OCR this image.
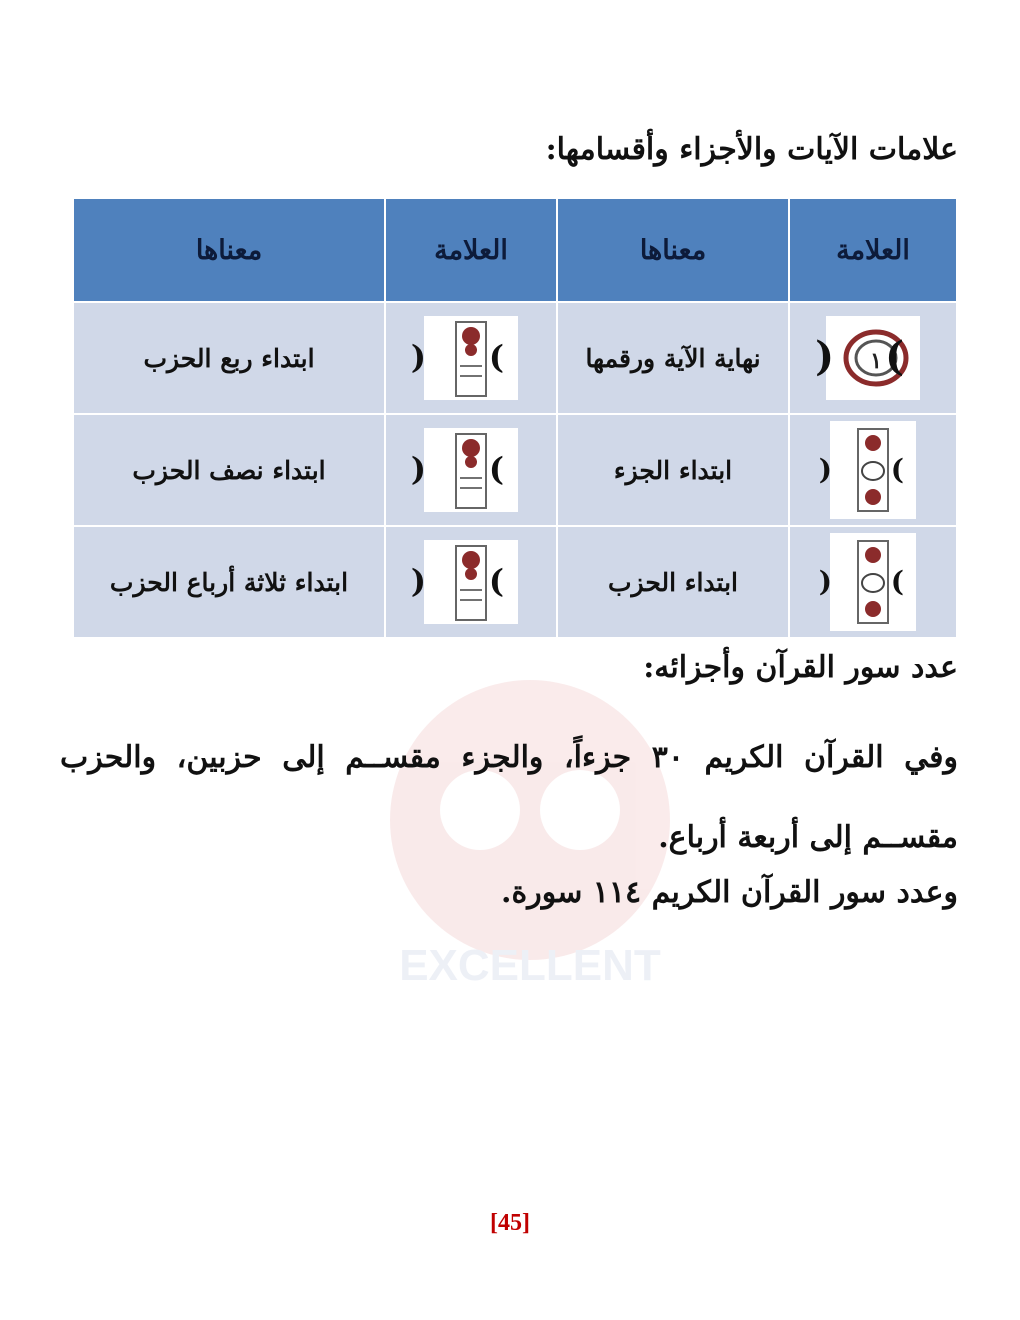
EXCELLENT
علامات الآيات والأجزاء وأقسامها:
العلامة	معناها	العلامة	معناها

( ١ )	نهاية الآية ورقمها	( )	ابتداء ربع الحزب

( )	ابتداء الجزء	( )	ابتداء نصف الحزب

( )	ابتداء الحزب	( )	ابتداء ثلاثة أرباع الحزب
عدد سور القرآن وأجزائه:
وفي القرآن الكريم ٣٠ جزءاً، والجزء مقســم إلى حزبين، والحزب مقســم إلى أربعة أرباع.
وعدد سور القرآن الكريم ١١٤ سورة.
[45]
